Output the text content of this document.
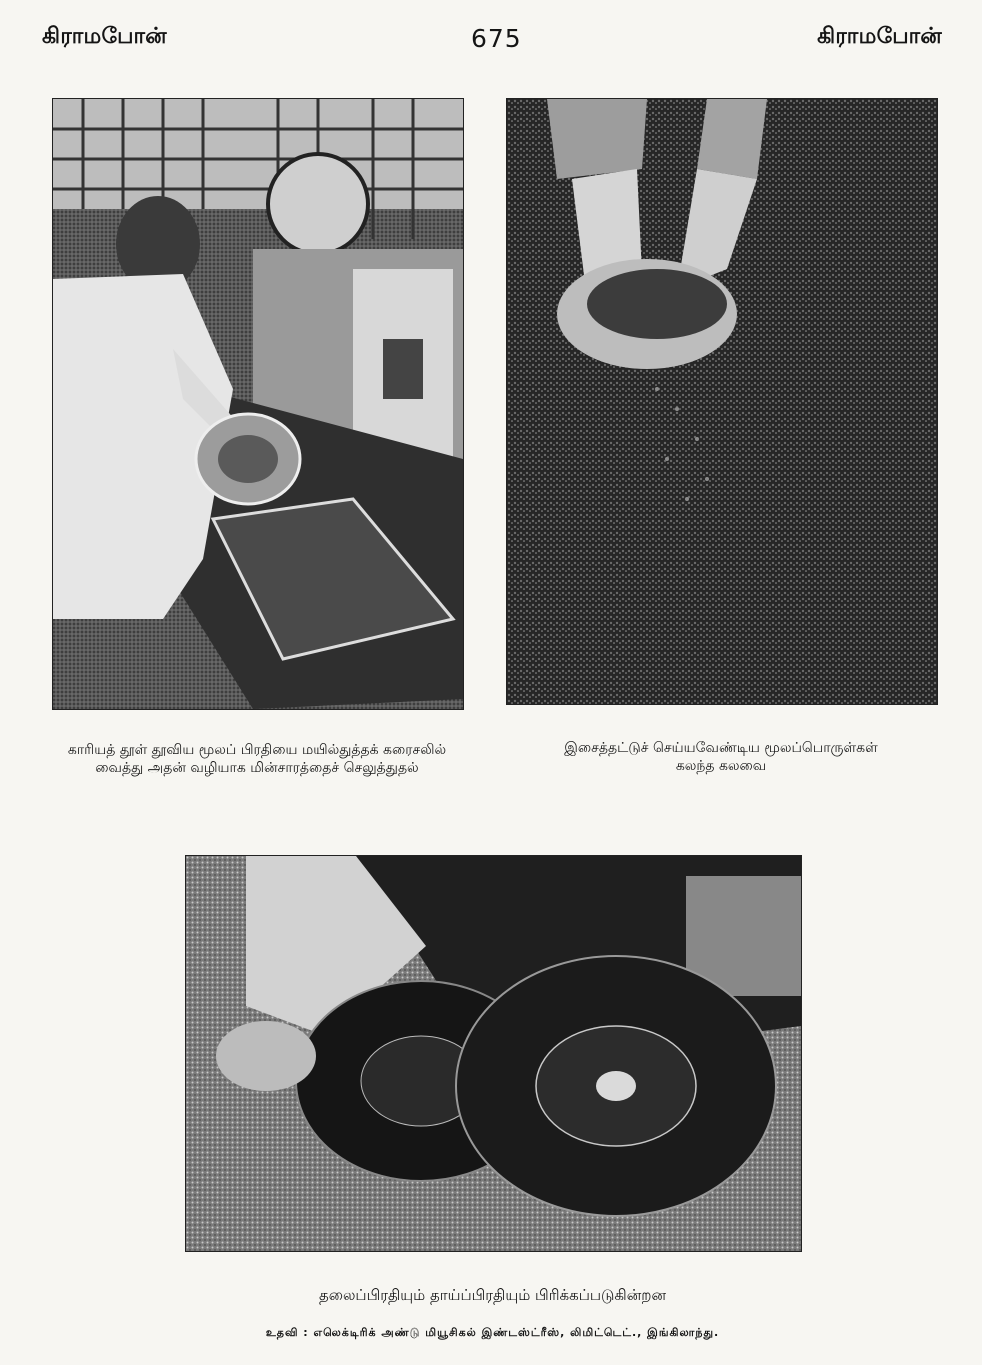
கிராமபோன்	675	கிராமபோன்
காரியத் தூள் தூவிய மூலப் பிரதியை மயில்துத்தக் கரைசலில்
வைத்து அதன் வழியாக மின்சாரத்தைச் செலுத்துதல்
இசைத்தட்டுச் செய்யவேண்டிய மூலப்பொருள்கள்
கலந்த கலவை
தலைப்பிரதியும் தாய்ப்பிரதியும் பிரிக்கப்படுகின்றன
உதவி : எலெக்டிரிக் அண்டு மியூசிகல் இண்டஸ்ட்ரீஸ், லிமிட்டெட்., இங்கிலாந்து.
